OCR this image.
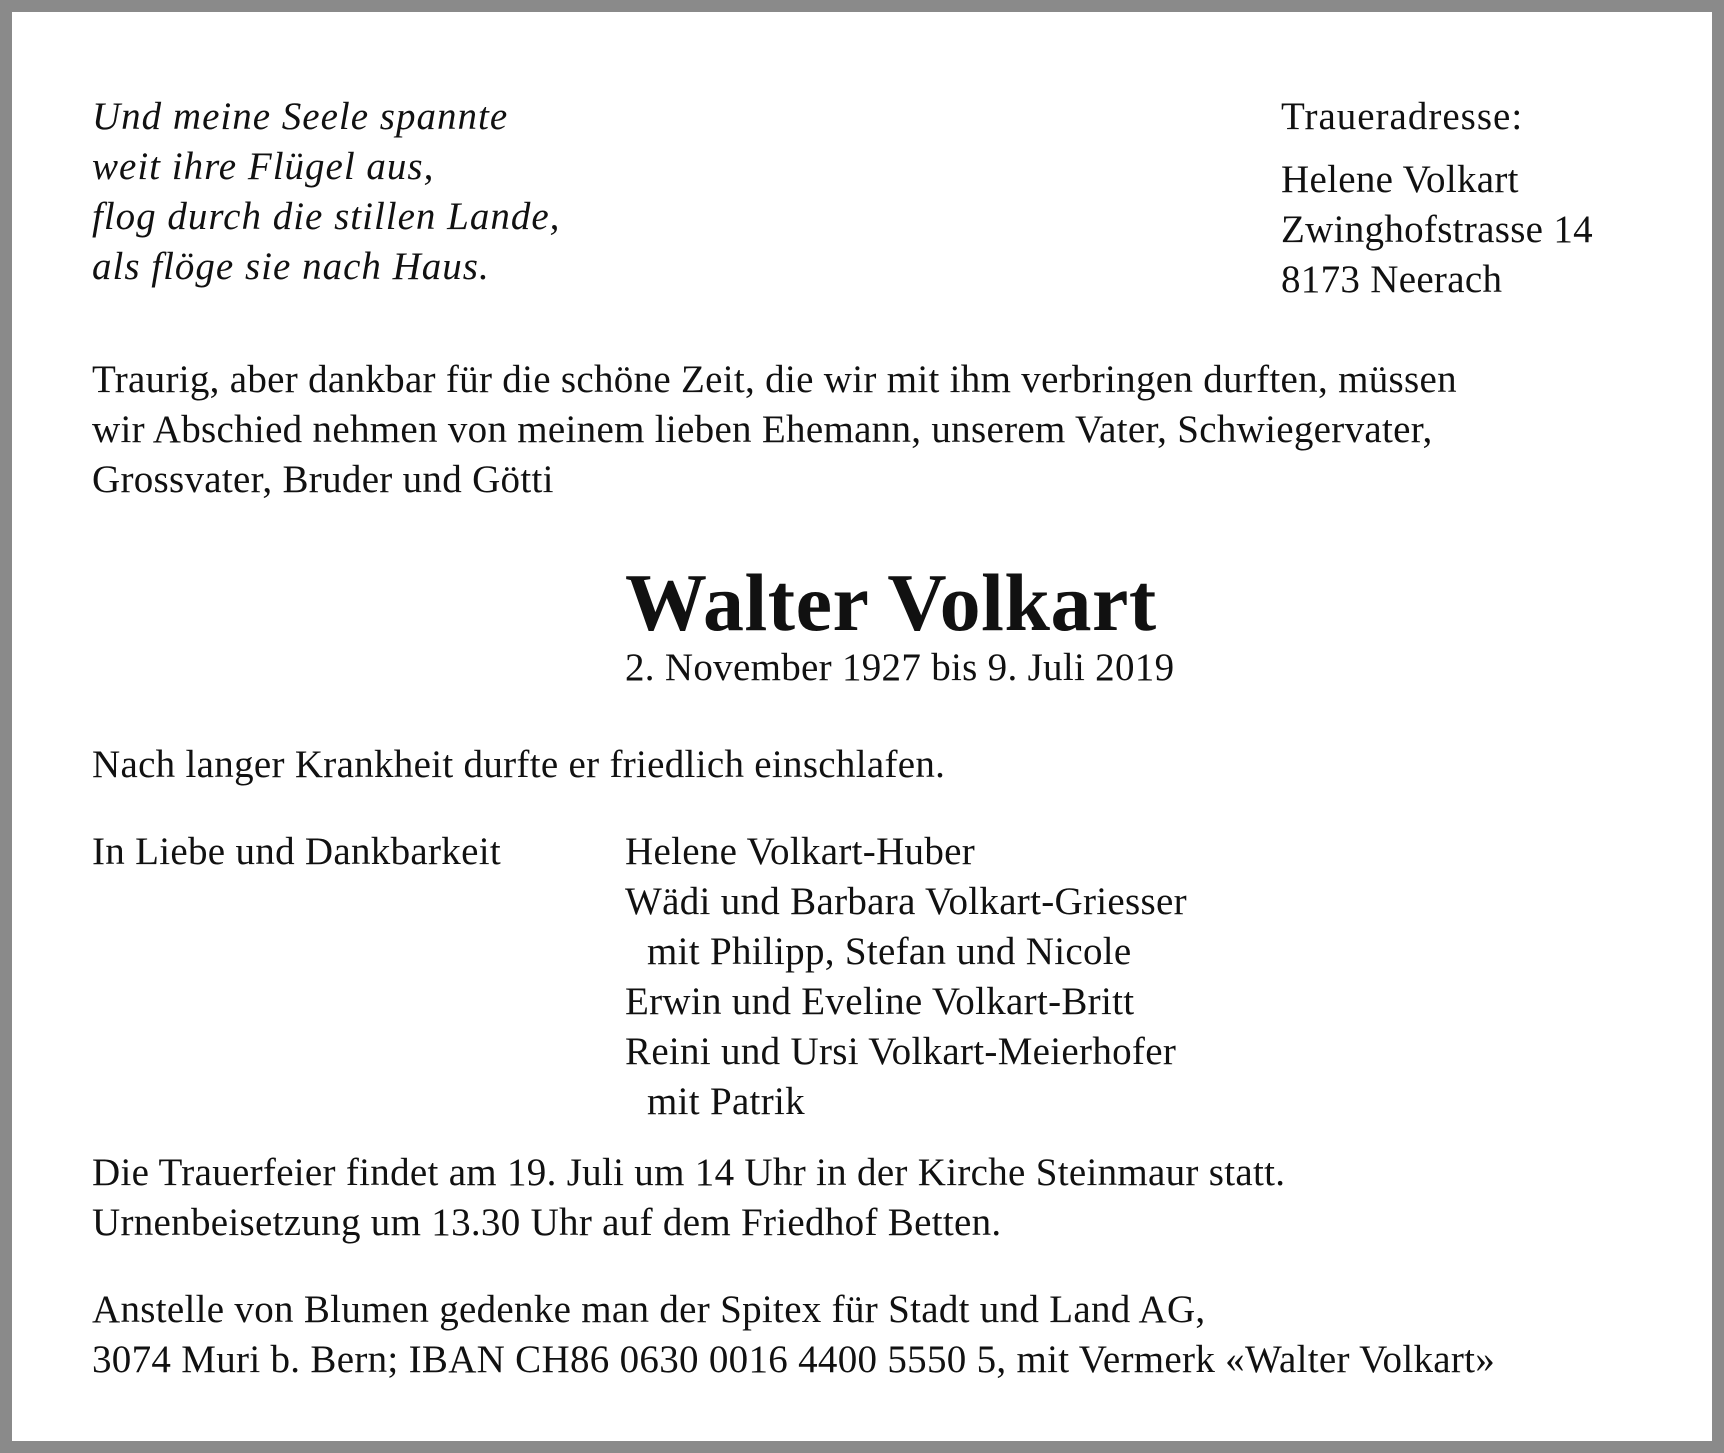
Und meine Seele spannte
weit ihre Flügel aus,
flog durch die stillen Lande,
als flöge sie nach Haus.
Traueradresse:
Helene Volkart
Zwinghofstrasse 14
8173 Neerach
Traurig, aber dankbar für die schöne Zeit, die wir mit ihm verbringen durften, müssen
wir Abschied nehmen von meinem lieben Ehemann, unserem Vater, Schwiegervater,
Grossvater, Bruder und Götti
Walter Volkart
2. November 1927 bis 9. Juli 2019
Nach langer Krankheit durfte er friedlich einschlafen.
In Liebe und Dankbarkeit	Helene Volkart-Huber
Wädi und Barbara Volkart-Griesser
mit Philipp, Stefan und Nicole
Erwin und Eveline Volkart-Britt
Reini und Ursi Volkart-Meierhofer
mit Patrik
Die Trauerfeier findet am 19. Juli um 14 Uhr in der Kirche Steinmaur statt.
Urnenbeisetzung um 13.30 Uhr auf dem Friedhof Betten.
Anstelle von Blumen gedenke man der Spitex für Stadt und Land AG,
3074 Muri b. Bern; IBAN CH86 0630 0016 4400 5550 5, mit Vermerk «Walter Volkart»
